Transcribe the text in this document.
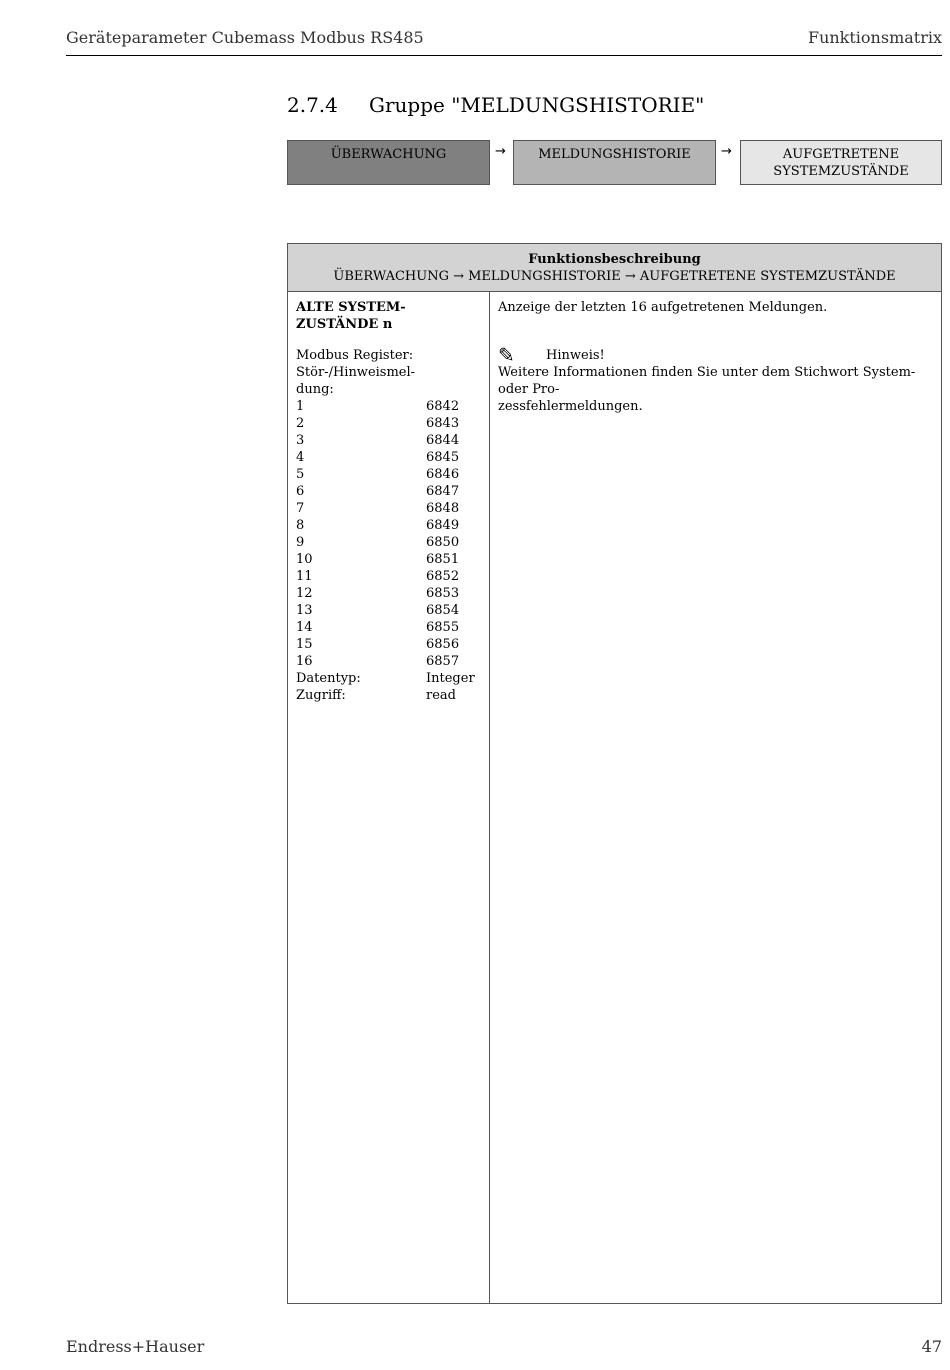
Geräteparameter Cubemass Modbus RS485	Funktionsmatrix
2.7.4 Gruppe "MELDUNGSHISTORIE"
ÜBERWACHUNG	→	MELDUNGSHISTORIE	→	AUFGETRETENE
SYSTEMZUSTÄNDE
Funktionsbeschreibung
ÜBERWACHUNG → MELDUNGSHISTORIE → AUFGETRETENE SYSTEMZUSTÄNDE
ALTE SYSTEM-
ZUSTÄNDE n
Modbus Register:
Stör-/Hinweismel-
dung:
1	6842
2	6843
3	6844
4	6845
5	6846
6	6847
7	6848
8	6849
9	6850
10	6851
11	6852
12	6853
13	6854
14	6855
15	6856
16	6857
Datentyp:	Integer
Zugriff:	read
Anzeige der letzten 16 aufgetretenen Meldungen.
✎	Hinweis!
Weitere Informationen finden Sie unter dem Stichwort System- oder Pro-
zessfehlermeldungen.
Endress+Hauser	47
